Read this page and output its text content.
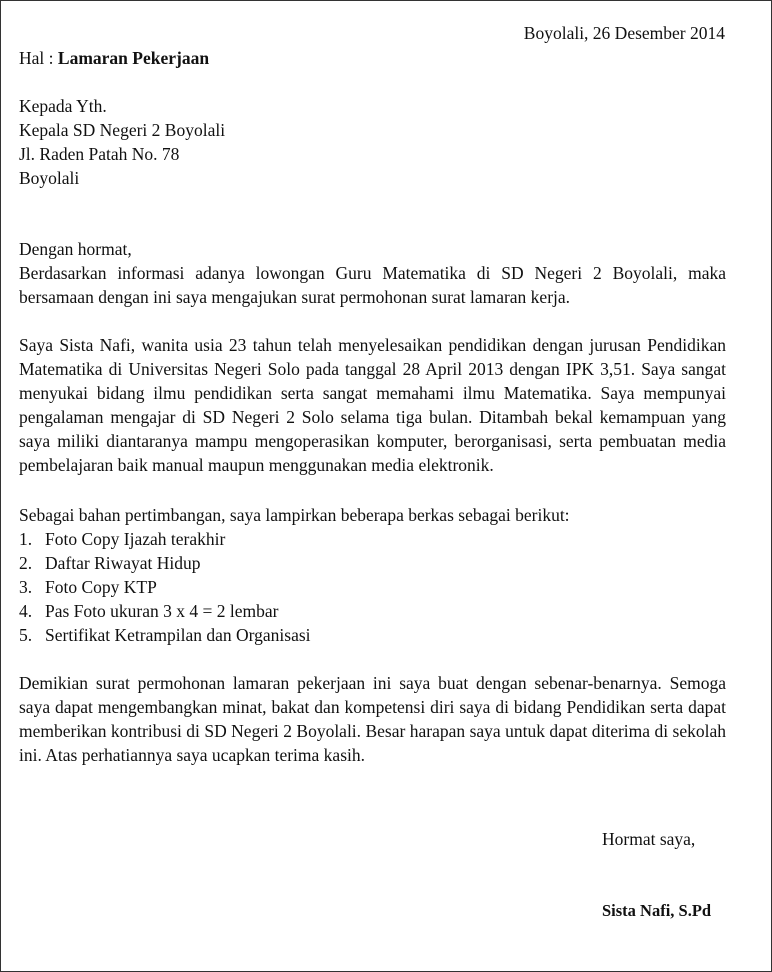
Boyolali, 26 Desember 2014
Hal : Lamaran Pekerjaan
Kepada Yth.
Kepala SD Negeri 2 Boyolali
Jl. Raden Patah No. 78
Boyolali
Dengan hormat,
Berdasarkan informasi adanya lowongan Guru Matematika di SD Negeri 2 Boyolali, maka bersamaan dengan ini saya mengajukan surat permohonan surat lamaran kerja.
Saya Sista Nafi, wanita usia 23 tahun telah menyelesaikan pendidikan dengan jurusan Pendidikan Matematika di Universitas Negeri Solo pada tanggal 28 April 2013 dengan IPK 3,51. Saya sangat menyukai bidang ilmu pendidikan serta sangat memahami ilmu Matematika. Saya mempunyai pengalaman mengajar di SD Negeri 2 Solo selama tiga bulan. Ditambah bekal kemampuan yang saya miliki diantaranya mampu mengoperasikan komputer, berorganisasi, serta pembuatan media pembelajaran baik manual maupun menggunakan media elektronik.
Sebagai bahan pertimbangan, saya lampirkan beberapa berkas sebagai berikut:
1. Foto Copy Ijazah terakhir
2. Daftar Riwayat Hidup
3. Foto Copy KTP
4. Pas Foto ukuran 3 x 4 = 2 lembar
5. Sertifikat Ketrampilan dan Organisasi
Demikian surat permohonan lamaran pekerjaan ini saya buat dengan sebenar-benarnya. Semoga saya dapat mengembangkan minat, bakat dan kompetensi diri saya di bidang Pendidikan serta dapat memberikan kontribusi di SD Negeri 2 Boyolali. Besar harapan saya untuk dapat diterima di sekolah ini. Atas perhatiannya saya ucapkan terima kasih.
Hormat saya,
Sista Nafi, S.Pd
